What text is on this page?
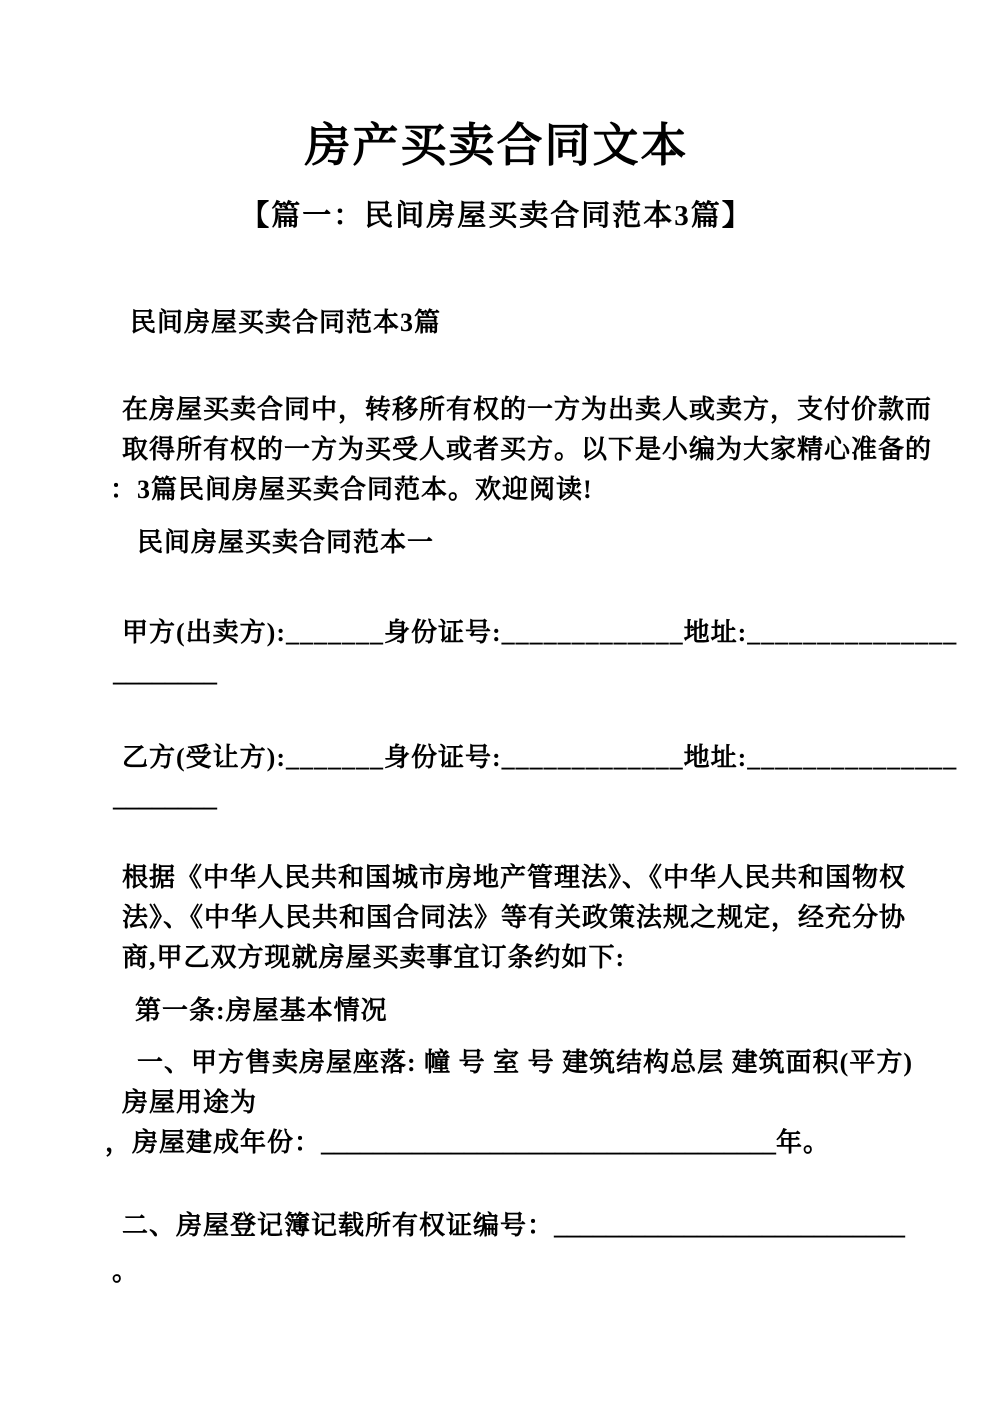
房产买卖合同文本
【篇一：民间房屋买卖合同范本3篇】
民间房屋买卖合同范本3篇
在房屋买卖合同中，转移所有权的一方为出卖人或卖方，支付价款而
取得所有权的一方为买受人或者买方。以下是小编为大家精心准备的
：3篇民间房屋买卖合同范本。欢迎阅读!
民间房屋买卖合同范本一
甲方(出卖方):_______身份证号:_____________地址:_______________
________
乙方(受让方):_______身份证号:_____________地址:_______________
________
根据《中华人民共和国城市房地产管理法》、《中华人民共和国物权
法》、《中华人民共和国合同法》等有关政策法规之规定，经充分协
商,甲乙双方现就房屋买卖事宜订条约如下:
第一条:房屋基本情况
一、甲方售卖房屋座落: 幢 号 室 号 建筑结构总层 建筑面积(平方)
房屋用途为
，房屋建成年份：___________________________________年。
二、房屋登记簿记载所有权证编号：___________________________
。
